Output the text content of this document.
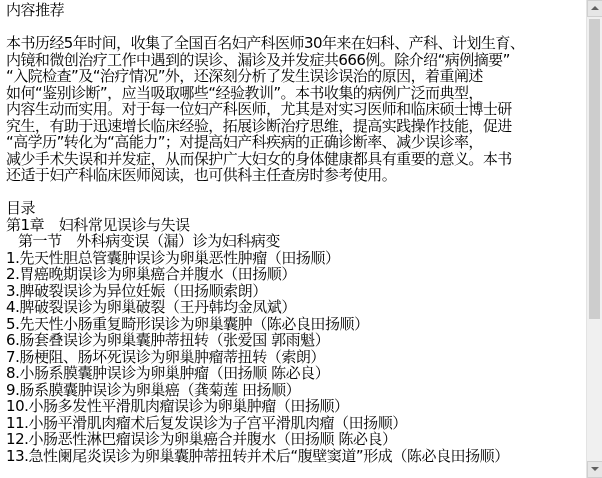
内容推荐
本书历经5年时间，收集了全国百名妇产科医师30年来在妇科、产科、计划生育、
内镜和微创治疗工作中遇到的误诊、漏诊及并发症共666例。除介绍“病例摘要”
“入院检查”及“治疗情况”外，还深刻分析了发生误诊误治的原因，着重阐述
如何“鉴别诊断”，应当吸取哪些“经验教训”。本书收集的病例广泛而典型，
内容生动而实用。对于每一位妇产科医师，尤其是对实习医师和临床硕士博士研
究生，有助于迅速增长临床经验，拓展诊断治疗思维，提高实践操作技能，促进
“高学历”转化为“高能力”；对提高妇产科疾病的正确诊断率、减少误诊率，
减少手术失误和并发症，从而保护广大妇女的身体健康都具有重要的意义。本书
还适于妇产科临床医师阅读，也可供科主任查房时参考使用。
目录
第1章　妇科常见误诊与失误
第一节　外科病变误（漏）诊为妇科病变
1.先天性胆总管囊肿误诊为卵巢恶性肿瘤（田扬顺）
2.胃癌晚期误诊为卵巢癌合并腹水（田扬顺）
3.脾破裂误诊为异位妊娠（田扬顺索朗）
4.脾破裂误诊为卵巢破裂（王丹韩均金凤斌）
5.先天性小肠重复畸形误诊为卵巢囊肿（陈必良田扬顺）
6.肠套叠误诊为卵巢囊肿蒂扭转（张爱国 郭雨魁）
7.肠梗阻、肠坏死误诊为卵巢肿瘤蒂扭转（索朗）
8.小肠系膜囊肿误诊为卵巢肿瘤（田扬顺 陈必良）
9.肠系膜囊肿误诊为卵巢癌（龚菊莲 田扬顺）
10.小肠多发性平滑肌肉瘤误诊为卵巢肿瘤（田扬顺）
11.小肠平滑肌肉瘤术后复发误诊为子宫平滑肌肉瘤（田扬顺）
12.小肠恶性淋巴瘤误诊为卵巢癌合并腹水（田扬顺 陈必良）
13.急性阑尾炎误诊为卵巢囊肿蒂扭转并术后“腹壁窦道”形成（陈必良田扬顺）
